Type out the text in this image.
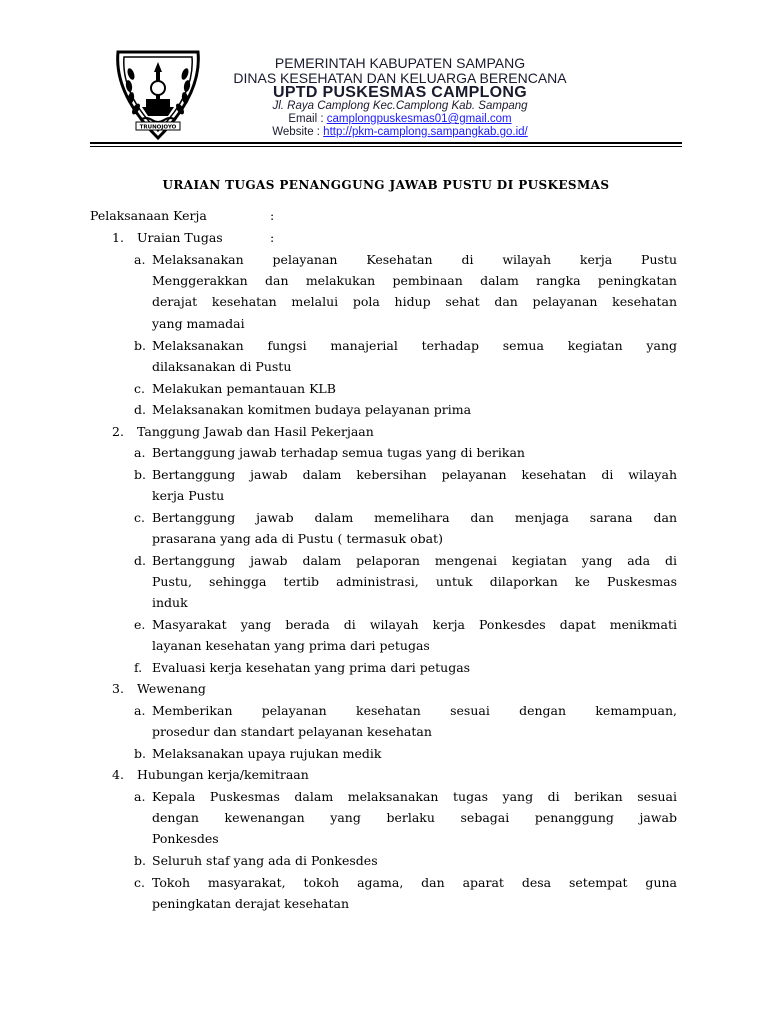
TRUNOJOYO
PEMERINTAH KABUPATEN SAMPANG
DINAS KESEHATAN DAN KELUARGA BERENCANA
UPTD PUSKESMAS CAMPLONG
Jl. Raya Camplong Kec.Camplong Kab. Sampang
Email : camplongpuskesmas01@gmail.com
Website : http://pkm-camplong.sampangkab.go.id/
URAIAN TUGAS PENANGGUNG JAWAB PUSTU DI PUSKESMAS
Pelaksanaan Kerja	:
1. Uraian Tugas	:
a. Melaksanakan pelayanan Kesehatan di wilayah kerja Pustu
Menggerakkan dan melakukan pembinaan dalam rangka peningkatan
derajat kesehatan melalui pola hidup sehat dan pelayanan kesehatan
yang mamadai
b. Melaksanakan fungsi manajerial terhadap semua kegiatan yang
dilaksanakan di Pustu
c. Melakukan pemantauan KLB
d. Melaksanakan komitmen budaya pelayanan prima
2. Tanggung Jawab dan Hasil Pekerjaan
a. Bertanggung jawab terhadap semua tugas yang di berikan
b. Bertanggung jawab dalam kebersihan pelayanan kesehatan di wilayah
kerja Pustu
c. Bertanggung jawab dalam memelihara dan menjaga sarana dan
prasarana yang ada di Pustu ( termasuk obat)
d. Bertanggung jawab dalam pelaporan mengenai kegiatan yang ada di
Pustu, sehingga tertib administrasi, untuk dilaporkan ke Puskesmas
induk
e. Masyarakat yang berada di wilayah kerja Ponkesdes dapat menikmati
layanan kesehatan yang prima dari petugas
f. Evaluasi kerja kesehatan yang prima dari petugas
3. Wewenang
a. Memberikan pelayanan kesehatan sesuai dengan kemampuan,
prosedur dan standart pelayanan kesehatan
b. Melaksanakan upaya rujukan medik
4. Hubungan kerja/kemitraan
a. Kepala Puskesmas dalam melaksanakan tugas yang di berikan sesuai
dengan kewenangan yang berlaku sebagai penanggung jawab
Ponkesdes
b. Seluruh staf yang ada di Ponkesdes
c. Tokoh masyarakat, tokoh agama, dan aparat desa setempat guna
peningkatan derajat kesehatan
